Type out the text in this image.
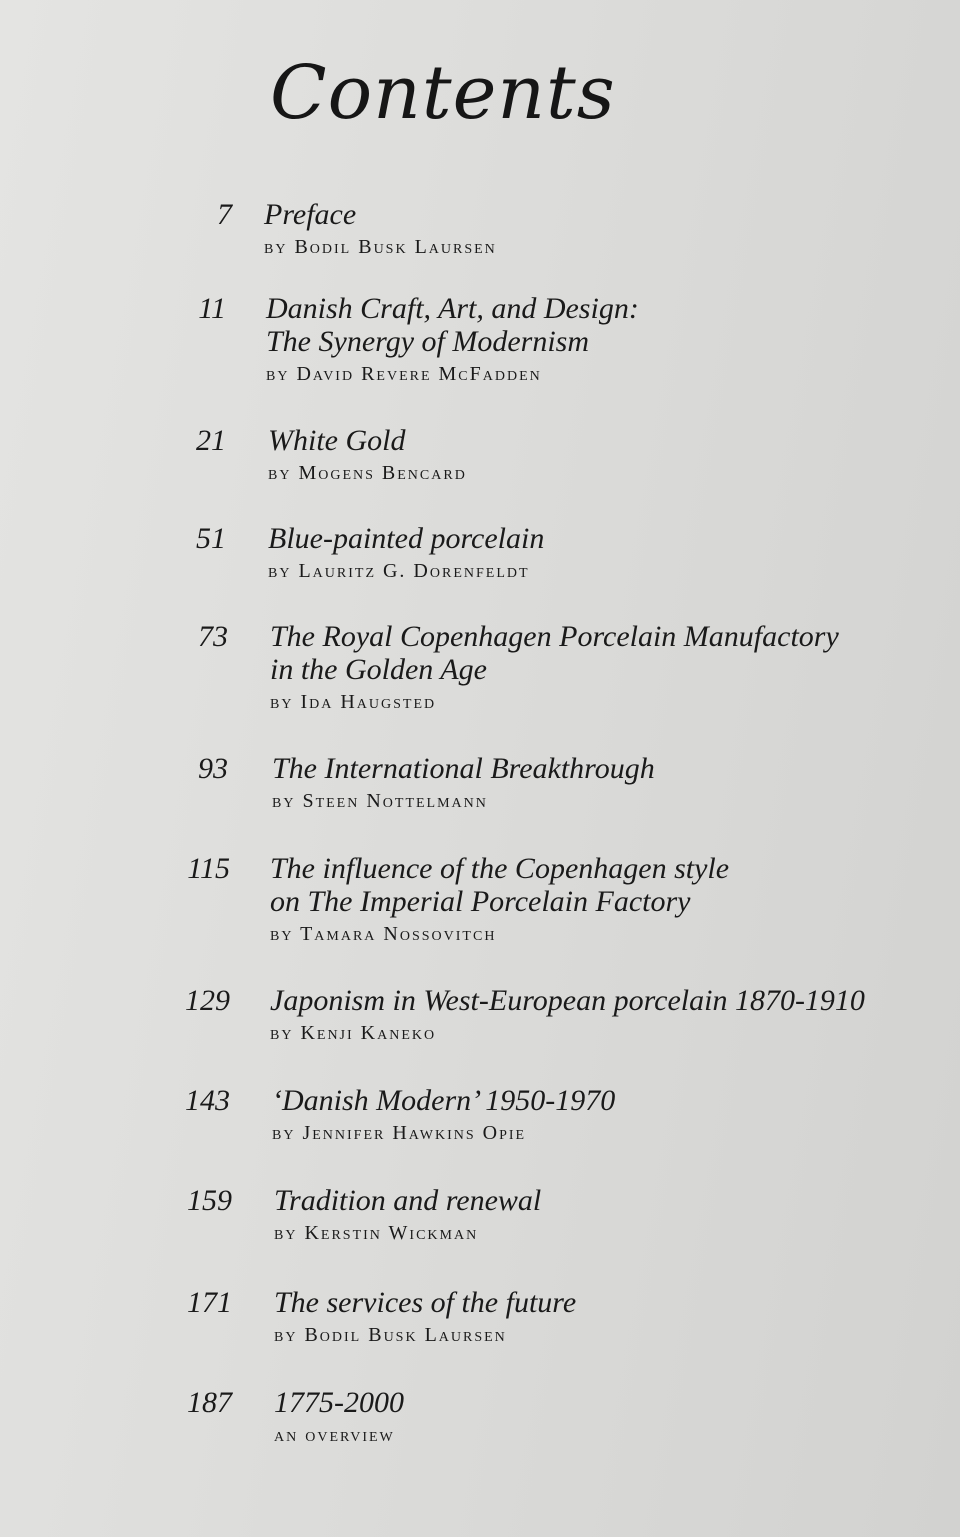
Contents
7 Preface
by Bodil Busk Laursen
11 Danish Craft, Art, and Design:
The Synergy of Modernism
by David Revere McFadden
21 White Gold
by Mogens Bencard
51 Blue-painted porcelain
by Lauritz G. Dorenfeldt
73 The Royal Copenhagen Porcelain Manufactory
in the Golden Age
by Ida Haugsted
93 The International Breakthrough
by Steen Nottelmann
115 The influence of the Copenhagen style
on The Imperial Porcelain Factory
by Tamara Nossovitch
129 Japonism in West-European porcelain 1870-1910
by Kenji Kaneko
143 ‘Danish Modern’ 1950-1970
by Jennifer Hawkins Opie
159 Tradition and renewal
by Kerstin Wickman
171 The services of the future
by Bodil Busk Laursen
187 1775-2000
an overview
